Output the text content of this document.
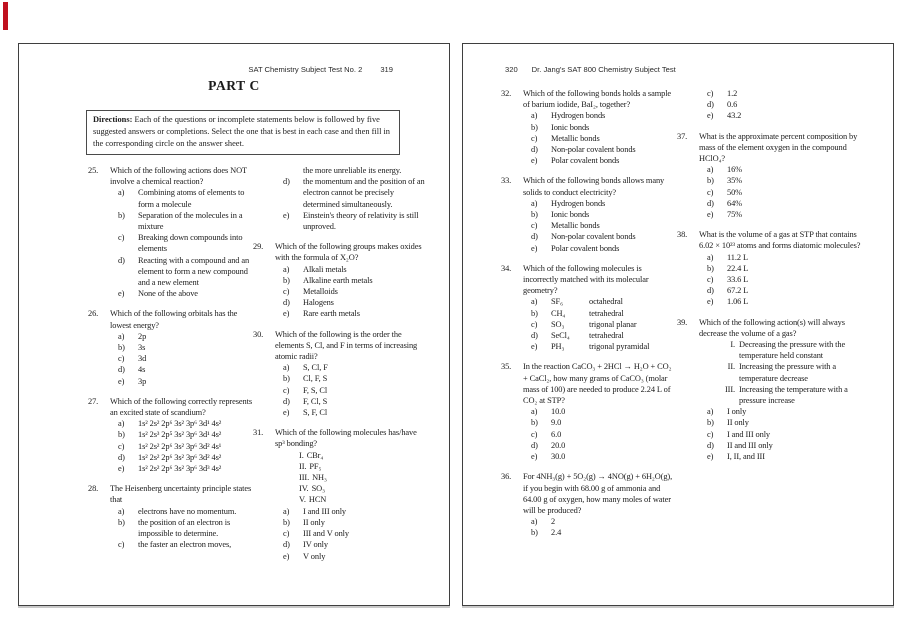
SAT Chemistry Subject Test No. 2 319
PART C
Directions: Each of the questions or incomplete statements below is followed by five suggested answers or completions. Select the one that is best in each case and then fill in the corresponding circle on the answer sheet.
25. Which of the following actions does NOT involve a chemical reaction?
a) Combining atoms of elements to form a molecule
b) Separation of the molecules in a mixture
c) Breaking down compounds into elements
d) Reacting with a compound and an element to form a new compound and a new element
e) None of the above
26. Which of the following orbitals has the lowest energy?
a) 2p
b) 3s
c) 3d
d) 4s
e) 3p
27. Which of the following correctly represents an excited state of scandium?
a) 1s² 2s² 2p⁶ 3s² 3p⁶ 3d¹ 4s²
b) 1s² 2s³ 2p⁵ 3s² 3p⁶ 3d¹ 4s²
c) 1s² 2s² 2p⁶ 3s² 3p⁶ 3d² 4s¹
d) 1s² 2s² 2p⁶ 3s² 3p⁶ 3d² 4s²
e) 1s² 2s² 2p⁶ 3s² 3p⁶ 3d³ 4s²
28. The Heisenberg uncertainty principle states that
a) electrons have no momentum.
b) the position of an electron is impossible to determine.
c) the faster an electron moves,
the more unreliable its energy.
d) the momentum and the position of an electron cannot be precisely determined simultaneously.
e) Einstein's theory of relativity is still unproved.
29. Which of the following groups makes oxides with the formula of X₂O?
a) Alkali metals
b) Alkaline earth metals
c) Metalloids
d) Halogens
e) Rare earth metals
30. Which of the following is the order the elements S, Cl, and F in terms of increasing atomic radii?
a) S, Cl, F
b) Cl, F, S
c) F, S, Cl
d) F, Cl, S
e) S, F, Cl
31. Which of the following molecules has/have sp³ bonding?
I. CBr₄
II. PF₅
III. NH₃
IV. SO₃
V. HCN
a) I and III only
b) II only
c) III and V only
d) IV only
e) V only
320 Dr. Jang's SAT 800 Chemistry Subject Test
32. Which of the following bonds holds a sample of barium iodide, BaI₂, together?
a) Hydrogen bonds
b) Ionic bonds
c) Metallic bonds
d) Non-polar covalent bonds
e) Polar covalent bonds
33. Which of the following bonds allows many solids to conduct electricity?
a) Hydrogen bonds
b) Ionic bonds
c) Metallic bonds
d) Non-polar covalent bonds
e) Polar covalent bonds
34. Which of the following molecules is incorrectly matched with its molecular geometry?
a) SF₆	octahedral
b) CH₄	tetrahedral
c) SO₃	trigonal planar
d) SeCl₄ tetrahedral
e) PH₃	trigonal pyramidal
35. In the reaction CaCO₃ + 2HCl → H₂O + CO₂ + CaCl₂, how many grams of CaCO₃ (molar mass of 100) are needed to produce 2.24 L of CO₂ at STP?
a) 10.0
b) 9.0
c) 6.0
d) 20.0
e) 30.0
36. For 4NH₃(g) + 5O₂(g) → 4NO(g) + 6H₂O(g), if you begin with 68.00 g of ammonia and 64.00 g of oxygen, how many moles of water will be produced?
a) 2
b) 2.4
c) 1.2
d) 0.6
e) 43.2
37. What is the approximate percent composition by mass of the element oxygen in the compound HClO₄?
a) 16%
b) 35%
c) 50%
d) 64%
e) 75%
38. What is the volume of a gas at STP that contains 6.02 × 10²³ atoms and forms diatomic molecules?
a) 11.2 L
b) 22.4 L
c) 33.6 L
d) 67.2 L
e) 1.06 L
39. Which of the following action(s) will always decrease the volume of a gas?
I. Decreasing the pressure with the temperature held constant
II. Increasing the pressure with a temperature decrease
III. Increasing the temperature with a pressure increase
a) I only
b) II only
c) I and III only
d) II and III only
e) I, II, and III
